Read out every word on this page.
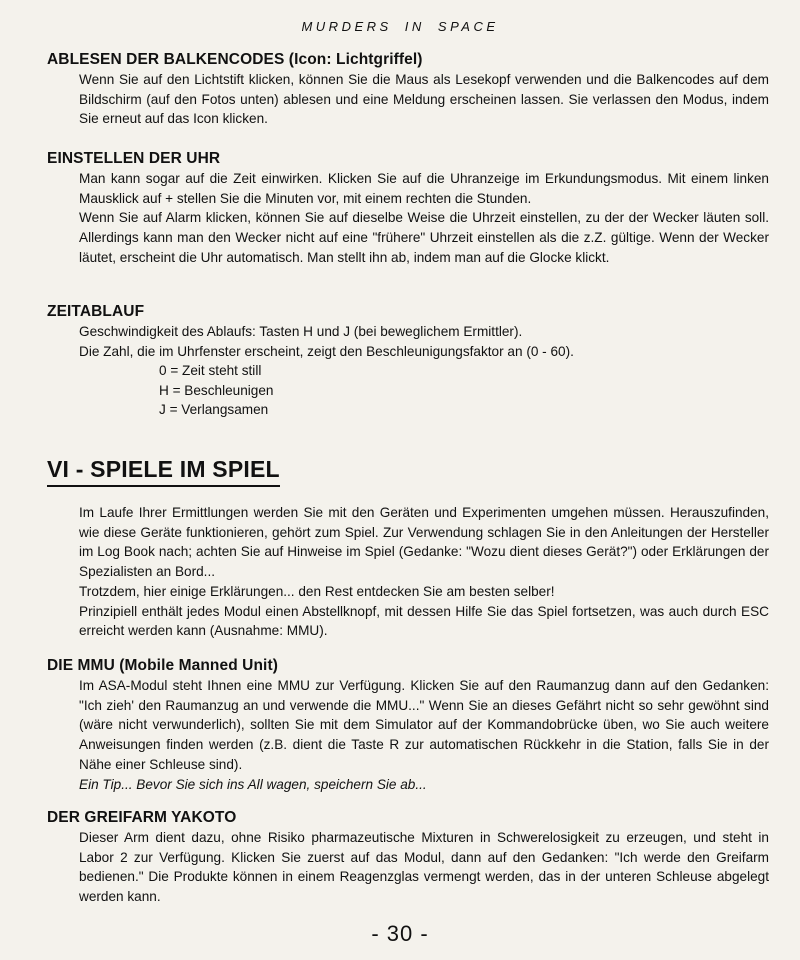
MURDERS IN SPACE
ABLESEN DER BALKENCODES (Icon: Lichtgriffel)

Wenn Sie auf den Lichtstift klicken, können Sie die Maus als Lesekopf verwenden und die Balkencodes auf dem Bildschirm (auf den Fotos unten) ablesen und eine Meldung erscheinen lassen. Sie verlassen den Modus, indem Sie erneut auf das Icon klicken.

EINSTELLEN DER UHR

Man kann sogar auf die Zeit einwirken. Klicken Sie auf die Uhranzeige im Erkundungsmodus. Mit einem linken Mausklick auf + stellen Sie die Minuten vor, mit einem rechten die Stunden.

Wenn Sie auf Alarm klicken, können Sie auf dieselbe Weise die Uhrzeit einstellen, zu der der Wecker läuten soll. Allerdings kann man den Wecker nicht auf eine "frühere" Uhrzeit einstellen als die z.Z. gültige. Wenn der Wecker läutet, erscheint die Uhr automatisch. Man stellt ihn ab, indem man auf die Glocke klickt.

ZEITABLAUF

Geschwindigkeit des Ablaufs: Tasten H und J (bei beweglichem Ermittler).

Die Zahl, die im Uhrfenster erscheint, zeigt den Beschleunigungsfaktor an (0 - 60).

0 = Zeit steht still
H = Beschleunigen
J = Verlangsamen
VI - SPIELE IM SPIEL

Im Laufe Ihrer Ermittlungen werden Sie mit den Geräten und Experimenten umgehen müssen. Herauszufinden, wie diese Geräte funktionieren, gehört zum Spiel. Zur Verwendung schlagen Sie in den Anleitungen der Hersteller im Log Book nach; achten Sie auf Hinweise im Spiel (Gedanke: "Wozu dient dieses Gerät?") oder Erklärungen der Spezialisten an Bord...

Trotzdem, hier einige Erklärungen... den Rest entdecken Sie am besten selber!

Prinzipiell enthält jedes Modul einen Abstellknopf, mit dessen Hilfe Sie das Spiel fortsetzen, was auch durch ESC erreicht werden kann (Ausnahme: MMU).

DIE MMU (Mobile Manned Unit)

Im ASA-Modul steht Ihnen eine MMU zur Verfügung. Klicken Sie auf den Raumanzug dann auf den Gedanken: "Ich zieh' den Raumanzug an und verwende die MMU..." Wenn Sie an dieses Gefährt nicht so sehr gewöhnt sind (wäre nicht verwunderlich), sollten Sie mit dem Simulator auf der Kommandobrücke üben, wo Sie auch weitere Anweisungen finden werden (z.B. dient die Taste R zur automatischen Rückkehr in die Station, falls Sie in der Nähe einer Schleuse sind).

Ein Tip... Bevor Sie sich ins All wagen, speichern Sie ab...

DER GREIFARM YAKOTO

Dieser Arm dient dazu, ohne Risiko pharmazeutische Mixturen in Schwerelosigkeit zu erzeugen, und steht in Labor 2 zur Verfügung. Klicken Sie zuerst auf das Modul, dann auf den Gedanken: "Ich werde den Greifarm bedienen." Die Produkte können in einem Reagenzglas vermengt werden, das in der unteren Schleuse abgelegt werden kann.

- 30 -
